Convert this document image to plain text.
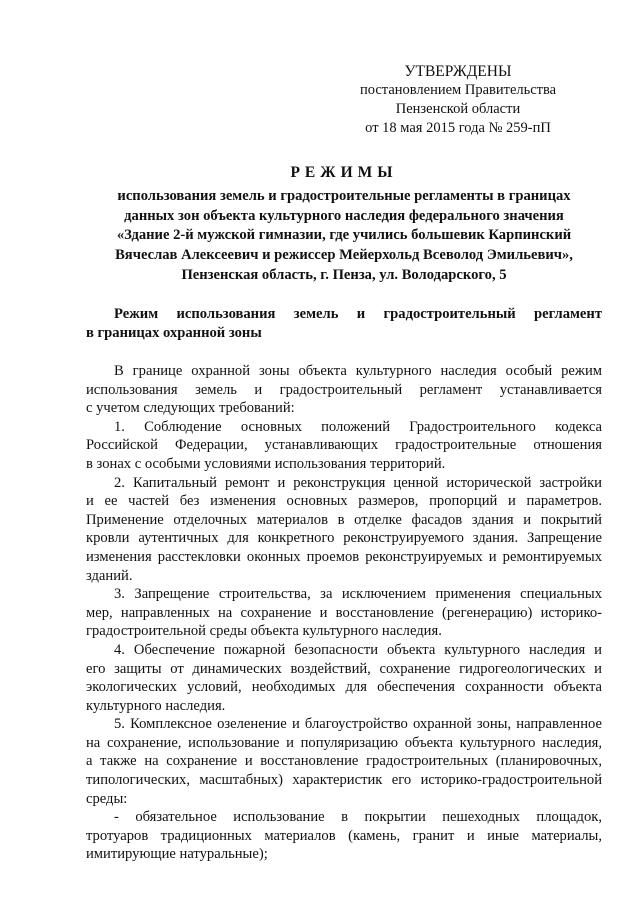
УТВЕРЖДЕНЫ
постановлением Правительства
Пензенской области
от 18 мая 2015 года № 259-пП
РЕЖИМЫ
использования земель и градостроительные регламенты в границах
данных зон объекта культурного наследия федерального значения
«Здание 2-й мужской гимназии, где учились большевик Карпинский
Вячеслав Алексеевич и режиссер Мейерхольд Всеволод Эмильевич»,
Пензенская область, г. Пенза, ул. Володарского, 5
Режим использования земель и градостроительный регламент
в границах охранной зоны
В границе охранной зоны объекта культурного наследия особый режим
использования земель и градостроительный регламент устанавливается
с учетом следующих требований:
1. Соблюдение основных положений Градостроительного кодекса
Российской Федерации, устанавливающих градостроительные отношения
в зонах с особыми условиями использования территорий.
2. Капитальный ремонт и реконструкция ценной исторической застройки
и ее частей без изменения основных размеров, пропорций и параметров.
Применение отделочных материалов в отделке фасадов здания и покрытий
кровли аутентичных для конкретного реконструируемого здания. Запрещение
изменения расстекловки оконных проемов реконструируемых и ремонтируемых
зданий.
3. Запрещение строительства, за исключением применения специальных
мер, направленных на сохранение и восстановление (регенерацию) историко-
градостроительной среды объекта культурного наследия.
4. Обеспечение пожарной безопасности объекта культурного наследия и
его защиты от динамических воздействий, сохранение гидрогеологических и
экологических условий, необходимых для обеспечения сохранности объекта
культурного наследия.
5. Комплексное озеленение и благоустройство охранной зоны, направленное
на сохранение, использование и популяризацию объекта культурного наследия,
а также на сохранение и восстановление градостроительных (планировочных,
типологических, масштабных) характеристик его историко-градостроительной
среды:
- обязательное использование в покрытии пешеходных площадок,
тротуаров традиционных материалов (камень, гранит и иные материалы,
имитирующие натуральные);
